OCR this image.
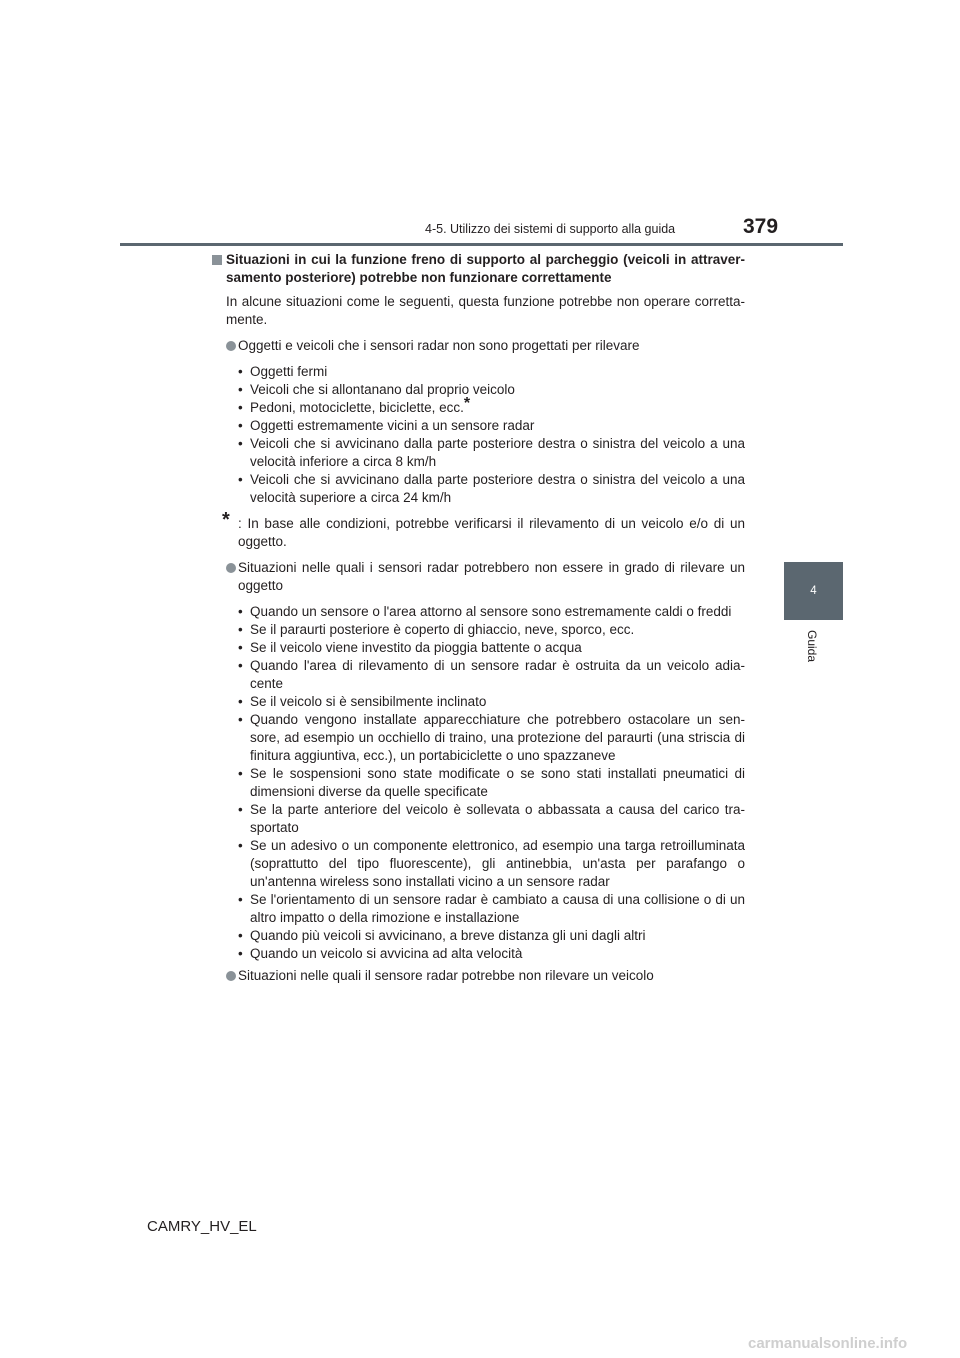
4-5. Utilizzo dei sistemi di supporto alla guida	379
4
Guida

Situazioni in cui la funzione freno di supporto al parcheggio (veicoli in attraver-samento posteriore) potrebbe non funzionare correttamente

In alcune situazioni come le seguenti, questa funzione potrebbe non operare corretta-mente.

Oggetti e veicoli che i sensori radar non sono progettati per rilevare

• Oggetti fermi
• Veicoli che si allontanano dal proprio veicolo
• Pedoni, motociclette, biciclette, ecc.*
• Oggetti estremamente vicini a un sensore radar
• Veicoli che si avvicinano dalla parte posteriore destra o sinistra del veicolo a una velocità inferiore a circa 8 km/h
• Veicoli che si avvicinano dalla parte posteriore destra o sinistra del veicolo a una velocità superiore a circa 24 km/h

* : In base alle condizioni, potrebbe verificarsi il rilevamento di un veicolo e/o di un oggetto.

Situazioni nelle quali i sensori radar potrebbero non essere in grado di rilevare un oggetto

• Quando un sensore o l'area attorno al sensore sono estremamente caldi o freddi
• Se il paraurti posteriore è coperto di ghiaccio, neve, sporco, ecc.
• Se il veicolo viene investito da pioggia battente o acqua
• Quando l'area di rilevamento di un sensore radar è ostruita da un veicolo adia-cente
• Se il veicolo si è sensibilmente inclinato
• Quando vengono installate apparecchiature che potrebbero ostacolare un sen-sore, ad esempio un occhiello di traino, una protezione del paraurti (una striscia di finitura aggiuntiva, ecc.), un portabiciclette o uno spazzaneve
• Se le sospensioni sono state modificate o se sono stati installati pneumatici di dimensioni diverse da quelle specificate
• Se la parte anteriore del veicolo è sollevata o abbassata a causa del carico tra-sportato
• Se un adesivo o un componente elettronico, ad esempio una targa retroilluminata (soprattutto del tipo fluorescente), gli antinebbia, un'asta per parafango o un'antenna wireless sono installati vicino a un sensore radar
• Se l'orientamento di un sensore radar è cambiato a causa di una collisione o di un altro impatto o della rimozione e installazione
• Quando più veicoli si avvicinano, a breve distanza gli uni dagli altri
• Quando un veicolo si avvicina ad alta velocità

Situazioni nelle quali il sensore radar potrebbe non rilevare un veicolo

CAMRY_HV_EL
carmanualsonline.info
